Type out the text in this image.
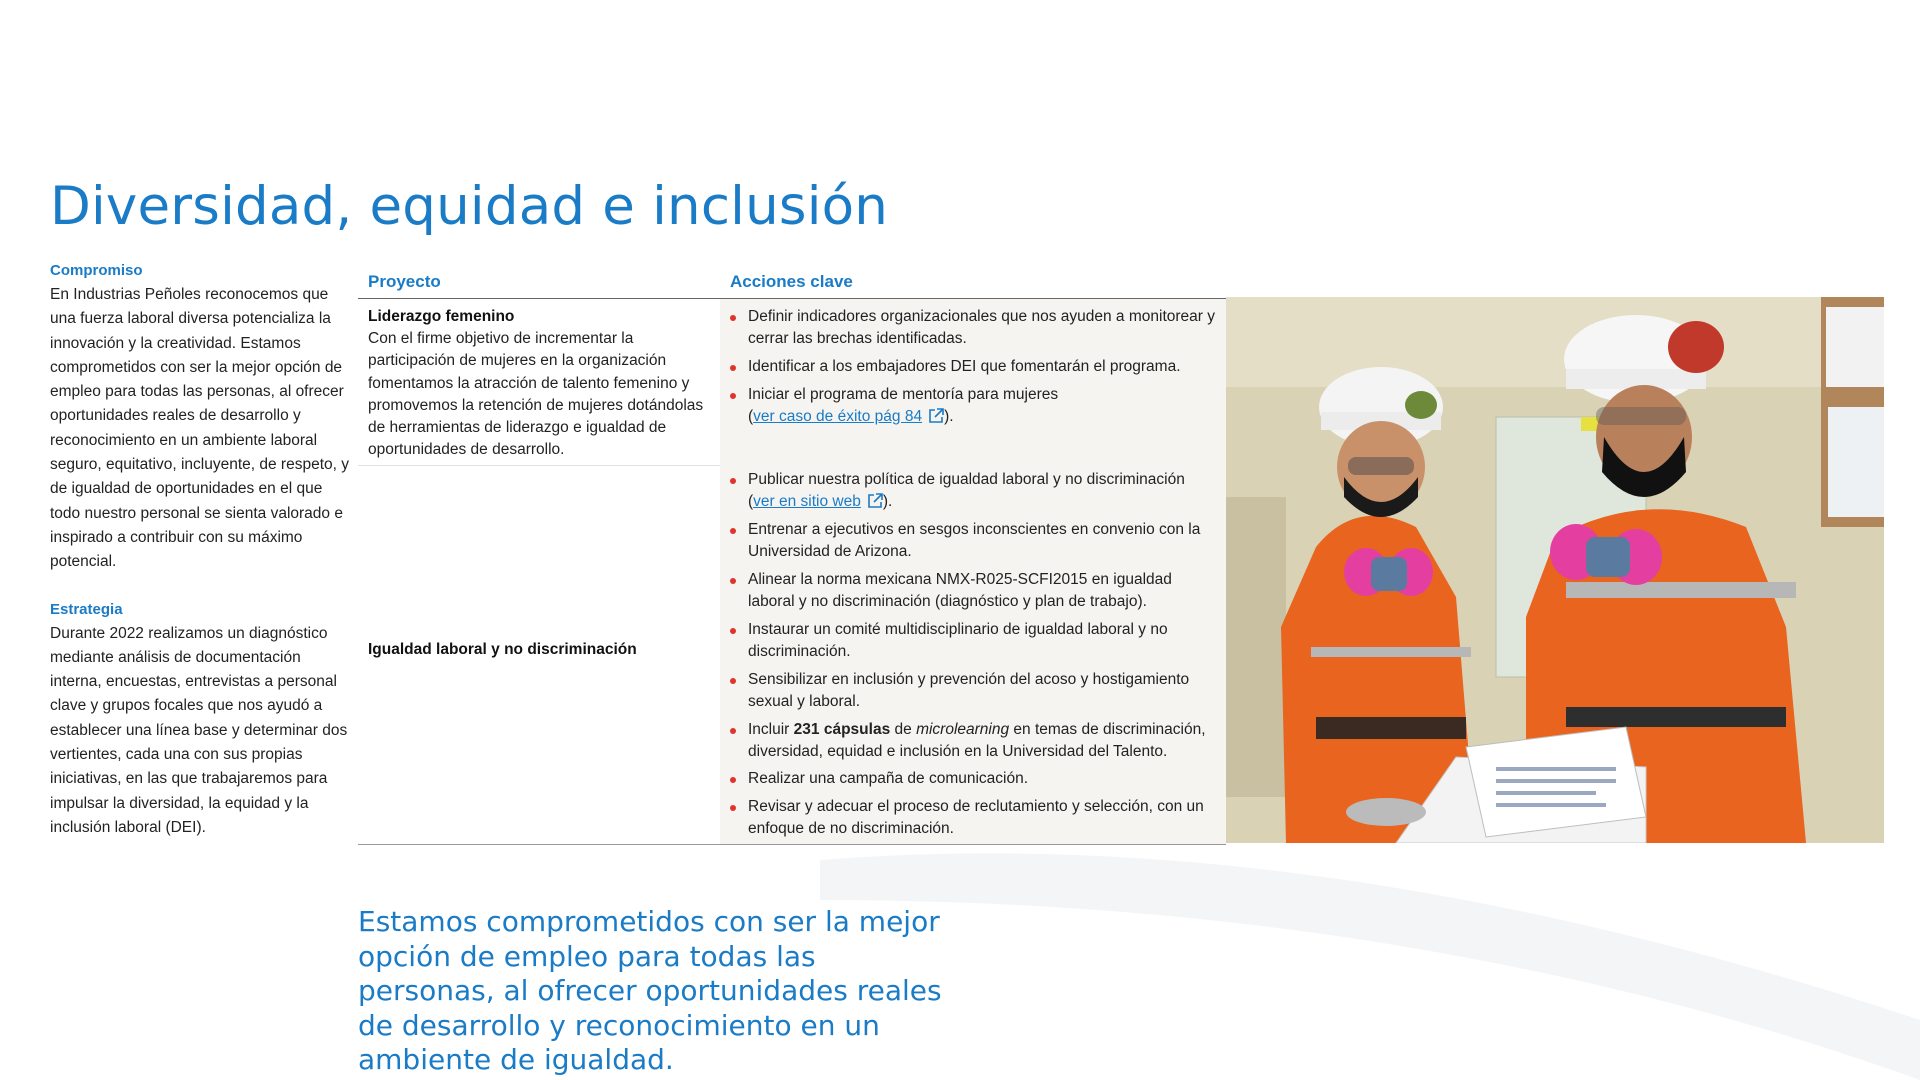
Diversidad, equidad e inclusión
Compromiso
En Industrias Peñoles reconocemos que una fuerza laboral diversa potencializa la innovación y la creatividad. Estamos comprometidos con ser la mejor opción de empleo para todas las personas, al ofrecer oportunidades reales de desarrollo y reconocimiento en un ambiente laboral seguro, equitativo, incluyente, de respeto, y de igualdad de oportunidades en el que todo nuestro personal se sienta valorado e inspirado a contribuir con su máximo potencial.
Estrategia
Durante 2022 realizamos un diagnóstico mediante análisis de documentación interna, encuestas, entrevistas a personal clave y grupos focales que nos ayudó a establecer una línea base y determinar dos vertientes, cada una con sus propias iniciativas, en las que trabajaremos para impulsar la diversidad, la equidad y la inclusión laboral (DEI).
Proyecto	Acciones clave
Liderazgo femenino
Con el firme objetivo de incrementar la participación de mujeres en la organización fomentamos la atracción de talento femenino y promovemos la retención de mujeres dotándolas de herramientas de liderazgo e igualdad de oportunidades de desarrollo.
Definir indicadores organizacionales que nos ayuden a monitorear y cerrar las brechas identificadas.
Identificar a los embajadores DEI que fomentarán el programa.
Iniciar el programa de mentoría para mujeres
(ver caso de éxito pág 84 ).
Igualdad laboral y no discriminación
Publicar nuestra política de igualdad laboral y no discriminación
(ver en sitio web ).
Entrenar a ejecutivos en sesgos inconscientes en convenio con la Universidad de Arizona.
Alinear la norma mexicana NMX-R025-SCFI2015 en igualdad laboral y no discriminación (diagnóstico y plan de trabajo).
Instaurar un comité multidisciplinario de igualdad laboral y no discriminación.
Sensibilizar en inclusión y prevención del acoso y hostigamiento sexual y laboral.
Incluir 231 cápsulas de microlearning en temas de discriminación, diversidad, equidad e inclusión en la Universidad del Talento.
Realizar una campaña de comunicación.
Revisar y adecuar el proceso de reclutamiento y selección, con un enfoque de no discriminación.
Estamos comprometidos con ser la mejor opción de empleo para todas las personas, al ofrecer oportunidades reales de desarrollo y reconocimiento en un ambiente de igualdad.
